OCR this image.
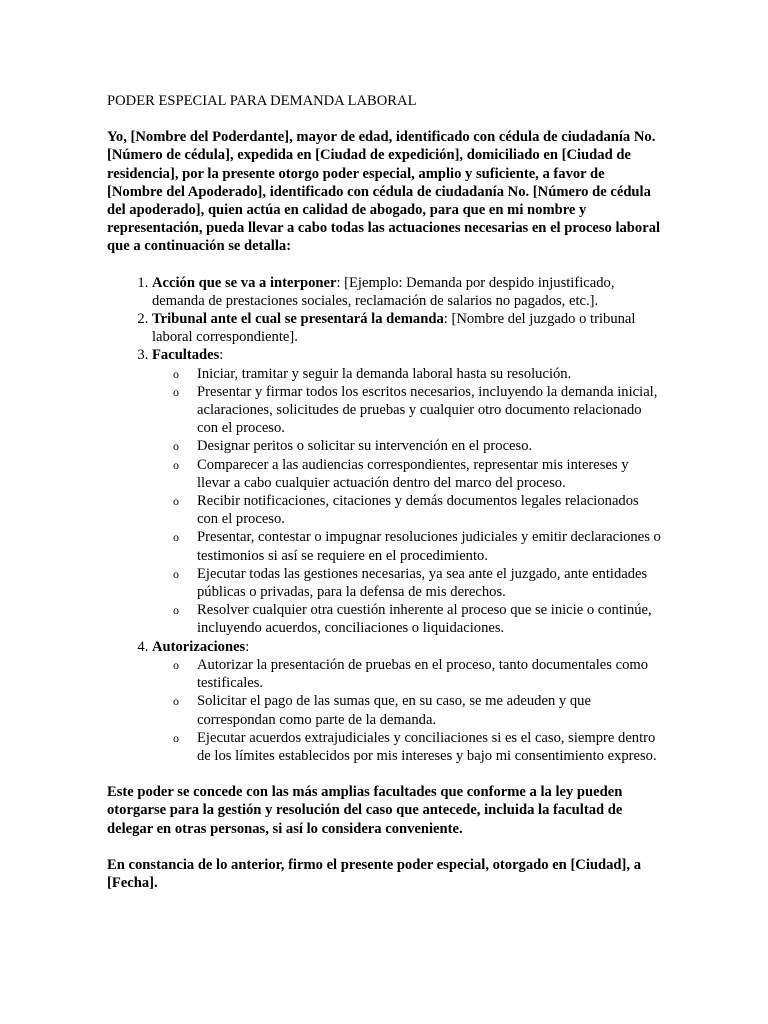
PODER ESPECIAL PARA DEMANDA LABORAL

Yo, [Nombre del Poderdante], mayor de edad, identificado con cédula de ciudadanía No. [Número de cédula], expedida en [Ciudad de expedición], domiciliado en [Ciudad de residencia], por la presente otorgo poder especial, amplio y suficiente, a favor de [Nombre del Apoderado], identificado con cédula de ciudadanía No. [Número de cédula del apoderado], quien actúa en calidad de abogado, para que en mi nombre y representación, pueda llevar a cabo todas las actuaciones necesarias en el proceso laboral que a continuación se detalla:

1. Acción que se va a interponer: [Ejemplo: Demanda por despido injustificado, demanda de prestaciones sociales, reclamación de salarios no pagados, etc.].
2. Tribunal ante el cual se presentará la demanda: [Nombre del juzgado o tribunal laboral correspondiente].
3. Facultades:
o Iniciar, tramitar y seguir la demanda laboral hasta su resolución.
o Presentar y firmar todos los escritos necesarios, incluyendo la demanda inicial, aclaraciones, solicitudes de pruebas y cualquier otro documento relacionado con el proceso.
o Designar peritos o solicitar su intervención en el proceso.
o Comparecer a las audiencias correspondientes, representar mis intereses y llevar a cabo cualquier actuación dentro del marco del proceso.
o Recibir notificaciones, citaciones y demás documentos legales relacionados con el proceso.
o Presentar, contestar o impugnar resoluciones judiciales y emitir declaraciones o testimonios si así se requiere en el procedimiento.
o Ejecutar todas las gestiones necesarias, ya sea ante el juzgado, ante entidades públicas o privadas, para la defensa de mis derechos.
o Resolver cualquier otra cuestión inherente al proceso que se inicie o continúe, incluyendo acuerdos, conciliaciones o liquidaciones.
4. Autorizaciones:
o Autorizar la presentación de pruebas en el proceso, tanto documentales como testificales.
o Solicitar el pago de las sumas que, en su caso, se me adeuden y que correspondan como parte de la demanda.
o Ejecutar acuerdos extrajudiciales y conciliaciones si es el caso, siempre dentro de los límites establecidos por mis intereses y bajo mi consentimiento expreso.

Este poder se concede con las más amplias facultades que conforme a la ley pueden otorgarse para la gestión y resolución del caso que antecede, incluida la facultad de delegar en otras personas, si así lo considera conveniente.

En constancia de lo anterior, firmo el presente poder especial, otorgado en [Ciudad], a [Fecha].
